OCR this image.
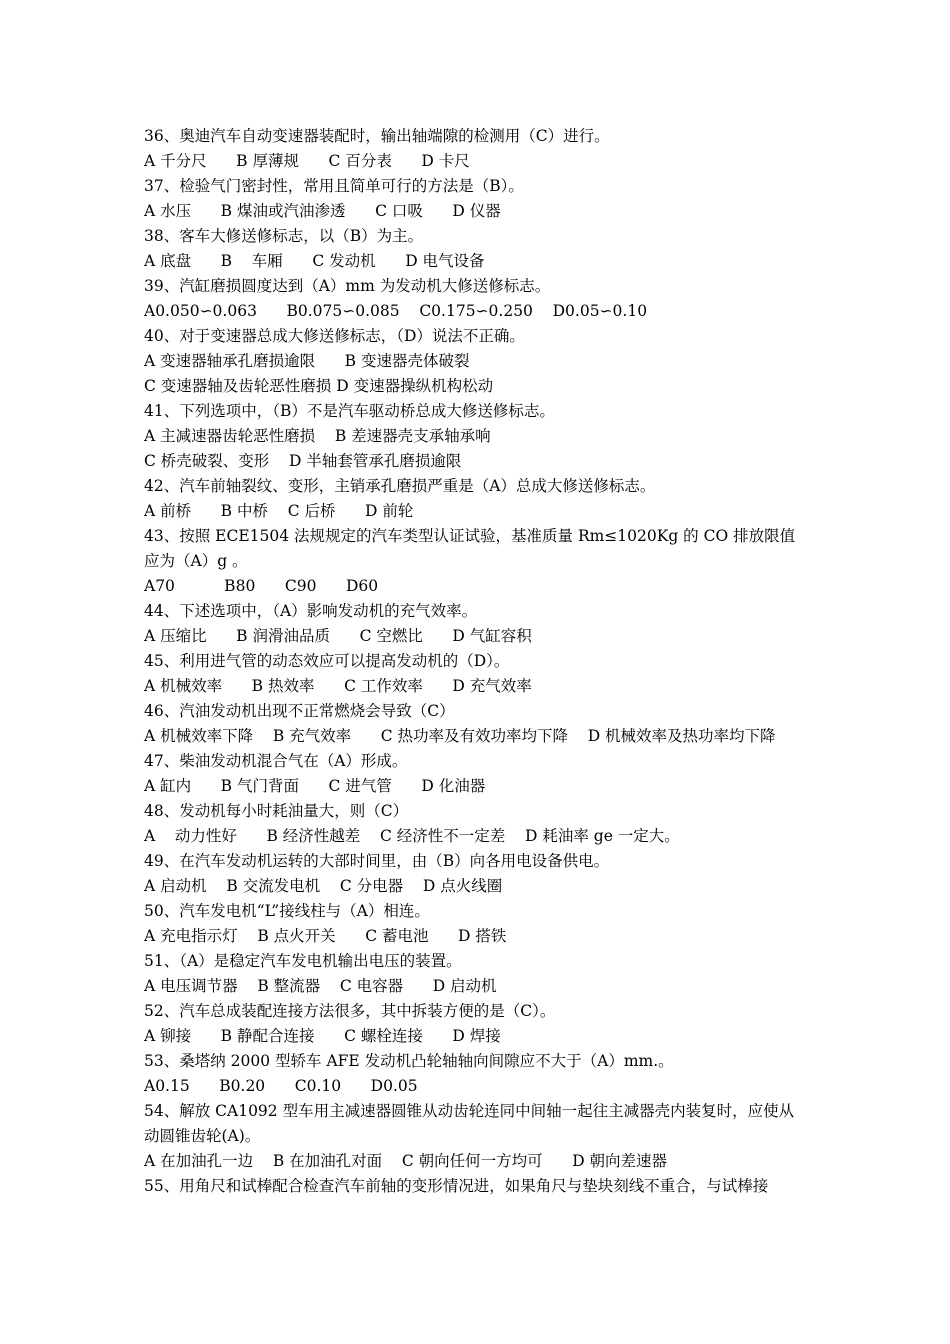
36、奥迪汽车自动变速器装配时，输出轴端隙的检测用（C）进行。
A 千分尺      B 厚薄规      C 百分表      D 卡尺
37、检验气门密封性，常用且简单可行的方法是（B）。
A 水压      B 煤油或汽油渗透      C 口吸      D 仪器
38、客车大修送修标志，以（B）为主。
A 底盘      B    车厢      C 发动机      D 电气设备
39、汽缸磨损圆度达到（A）mm 为发动机大修送修标志。
A0.050∽0.063      B0.075∽0.085    C0.175∽0.250    D0.05∽0.10
40、对于变速器总成大修送修标志，（D）说法不正确。
A 变速器轴承孔磨损逾限      B 变速器壳体破裂
C 变速器轴及齿轮恶性磨损 D 变速器操纵机构松动
41、下列选项中，（B）不是汽车驱动桥总成大修送修标志。
A 主减速器齿轮恶性磨损    B 差速器壳支承轴承响
C 桥壳破裂、变形    D 半轴套管承孔磨损逾限
42、汽车前轴裂纹、变形，主销承孔磨损严重是（A）总成大修送修标志。
A 前桥      B 中桥    C 后桥      D 前轮
43、按照 ECE1504 法规规定的汽车类型认证试验，基准质量 Rm≤1020Kg 的 CO 排放限值应为（A）g 。
A70          B80      C90      D60
44、下述选项中，（A）影响发动机的充气效率。
A 压缩比      B 润滑油品质      C 空燃比      D 气缸容积
45、利用进气管的动态效应可以提高发动机的（D）。
A 机械效率      B 热效率      C 工作效率      D 充气效率
46、汽油发动机出现不正常燃烧会导致（C）
A 机械效率下降    B 充气效率      C 热功率及有效功率均下降    D 机械效率及热功率均下降
47、柴油发动机混合气在（A）形成。
A 缸内      B 气门背面      C 进气管      D 化油器
48、发动机每小时耗油量大，则（C）
A    动力性好      B 经济性越差    C 经济性不一定差    D 耗油率 ge 一定大。
49、在汽车发动机运转的大部时间里，由（B）向各用电设备供电。
A 启动机    B 交流发电机    C 分电器    D 点火线圈
50、汽车发电机“L”接线柱与（A）相连。
A 充电指示灯    B 点火开关      C 蓄电池      D 搭铁
51、（A）是稳定汽车发电机输出电压的装置。
A 电压调节器    B 整流器    C 电容器      D 启动机
52、汽车总成装配连接方法很多，其中拆装方便的是（C）。
A 铆接      B 静配合连接      C 螺栓连接      D 焊接
53、桑塔纳 2000 型轿车 AFE 发动机凸轮轴轴向间隙应不大于（A）mm.。
A0.15      B0.20      C0.10      D0.05
54、解放 CA1092 型车用主减速器圆锥从动齿轮连同中间轴一起往主减器壳内装复时，应使从动圆锥齿轮(A)。
A 在加油孔一边    B 在加油孔对面    C 朝向任何一方均可      D 朝向差速器
55、用角尺和试棒配合检查汽车前轴的变形情况进，如果角尺与垫块刻线不重合，与试棒接
